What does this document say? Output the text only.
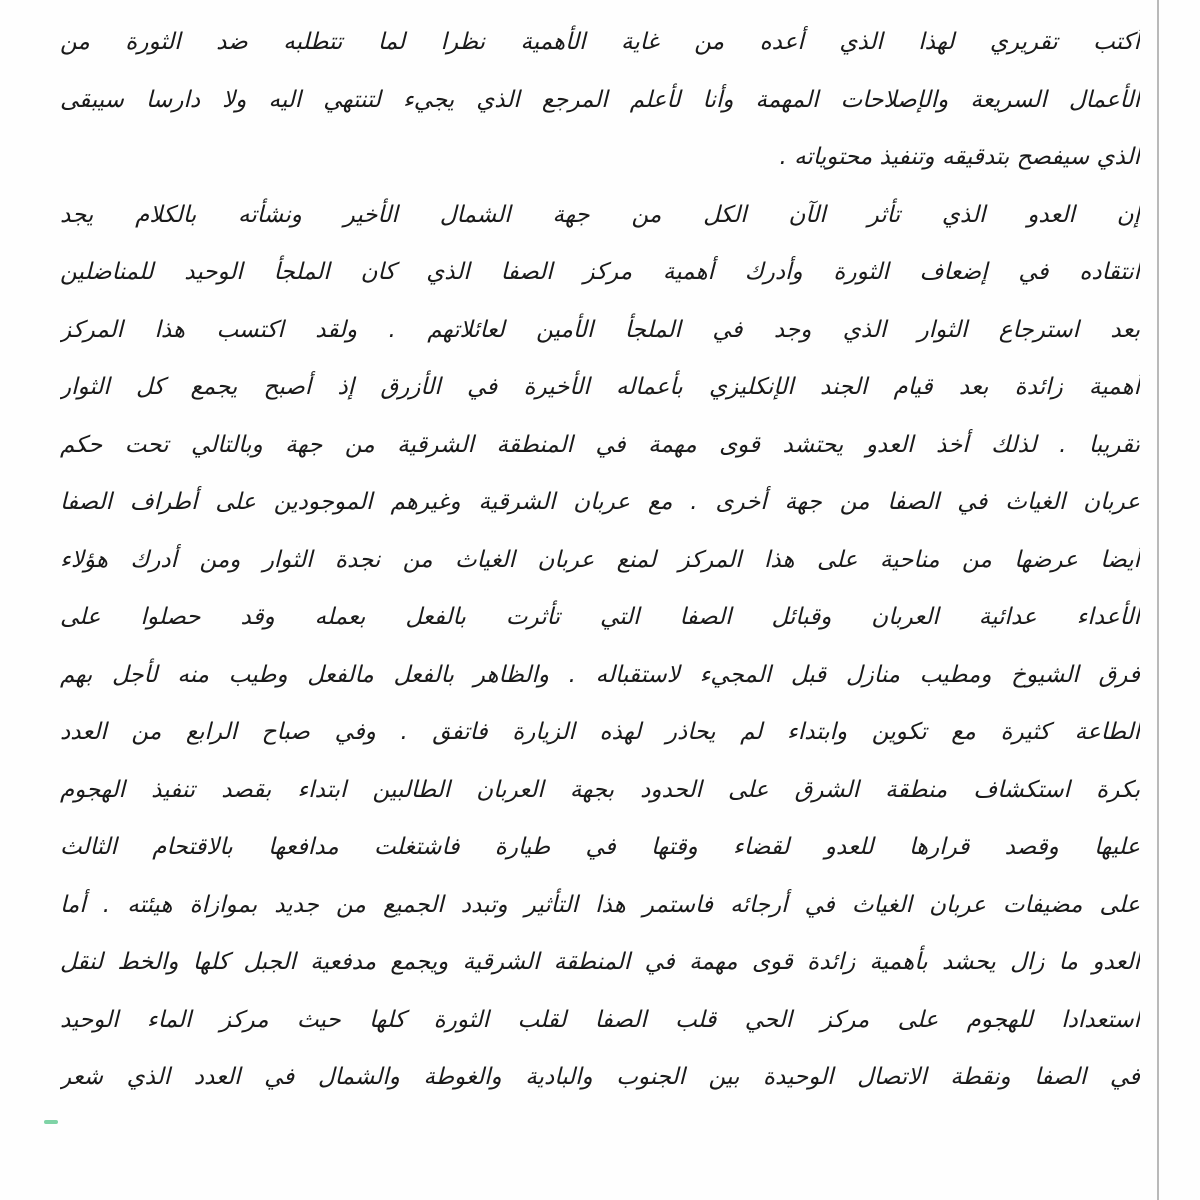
أكتب تقريري لهذا الذي أعده من غاية الأهمية نظرا لما تتطلبه ضد الثورة من
الأعمال السريعة والإصلاحات المهمة وأنا لأعلم المرجع الذي يجيء لتنتهي اليه ولا دارسا سيبقى
الذي سيفصح بتدقيقه وتنفيذ محتوياته .
إن العدو الذي تأثر الآن الكل من جهة الشمال الأخير ونشأته بالكلام يجد
انتقاده في إضعاف الثورة وأدرك أهمية مركز الصفا الذي كان الملجأ الوحيد للمناضلين
بعد استرجاع الثوار الذي وجد في الملجأ الأمين لعائلاتهم . ولقد اكتسب هذا المركز
أهمية زائدة بعد قيام الجند الإنكليزي بأعماله الأخيرة في الأزرق إذ أصبح يجمع كل الثوار
تقريبا . لذلك أخذ العدو يحتشد قوى مهمة في المنطقة الشرقية من جهة وبالتالي تحت حكم
عربان الغياث في الصفا من جهة أخرى . مع عربان الشرقية وغيرهم الموجودين على أطراف الصفا
أيضا عرضها من مناحية على هذا المركز لمنع عربان الغياث من نجدة الثوار ومن أدرك هؤلاء
الأعداء عدائية العربان وقبائل الصفا التي تأثرت بالفعل بعمله وقد حصلوا على
فرق الشيوخ ومطيب منازل قبل المجيء لاستقباله . والظاهر بالفعل مالفعل وطيب منه لأجل بهم
الطاعة كثيرة مع تكوين وابتداء لم يحاذر لهذه الزيارة فاتفق . وفي صباح الرابع من العدد
بكرة استكشاف منطقة الشرق على الحدود بجهة العربان الطالبين ابتداء بقصد تنفيذ الهجوم
عليها وقصد قرارها للعدو لقضاء وقتها في طيارة فاشتغلت مدافعها بالاقتحام الثالث
على مضيفات عربان الغياث في أرجائه فاستمر هذا التأثير وتبدد الجميع من جديد بموازاة هيئته . أما
العدو ما زال يحشد بأهمية زائدة قوى مهمة في المنطقة الشرقية ويجمع مدفعية الجبل كلها والخط لنقل
استعدادا للهجوم على مركز الحي قلب الصفا لقلب الثورة كلها حيث مركز الماء الوحيد
في الصفا ونقطة الاتصال الوحيدة بين الجنوب والبادية والغوطة والشمال في العدد الذي شعر
